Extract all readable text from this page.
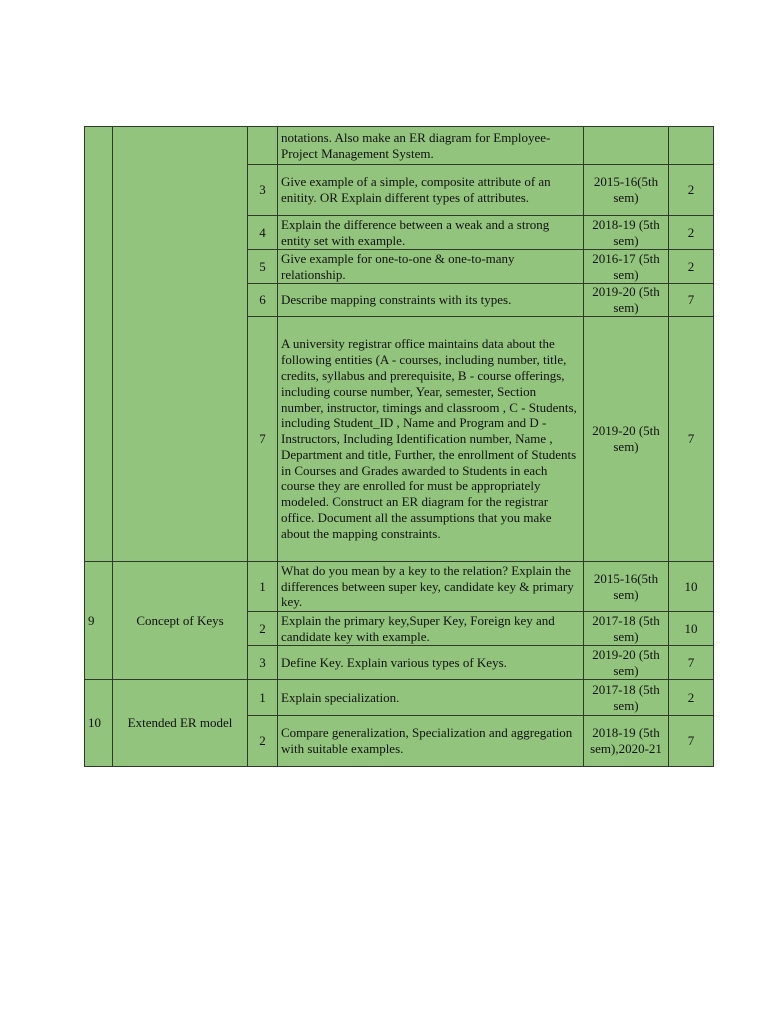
			notations. Also make an ER diagram for Employee-Project Management System.		
		3	Give example of a simple, composite attribute of an enitity. OR Explain different types of attributes.	2015-16(5th sem)	2
		4	Explain the difference between a weak and a strong entity set with example.	2018-19 (5th sem)	2
		5	Give example for one-to-one & one-to-many relationship.	2016-17 (5th sem)	2
		6	Describe mapping constraints with its types.	2019-20 (5th sem)	7
		7	A university registrar office maintains data about the following entities (A - courses, including number, title, credits, syllabus and prerequisite, B - course offerings, including course number, Year, semester, Section number, instructor, timings and classroom , C - Students, including Student_ID , Name and Program and D - Instructors, Including Identification number, Name , Department and title, Further, the enrollment of Students in Courses and Grades awarded to Students in each course they are enrolled for must be appropriately modeled. Construct an ER diagram for the registrar office. Document all the assumptions that you make about the mapping constraints.	2019-20 (5th sem)	7
9	Concept of Keys	1	What do you mean by a key to the relation? Explain the differences between super key, candidate key & primary key.	2015-16(5th sem)	10
		2	Explain the primary key,Super Key, Foreign key and candidate key with example.	2017-18 (5th sem)	10
		3	Define Key. Explain various types of Keys.	2019-20 (5th sem)	7
10	Extended ER model	1	Explain specialization.	2017-18 (5th sem)	2
		2	Compare generalization, Specialization and aggregation with suitable examples.	2018-19 (5th sem),2020-21	7
